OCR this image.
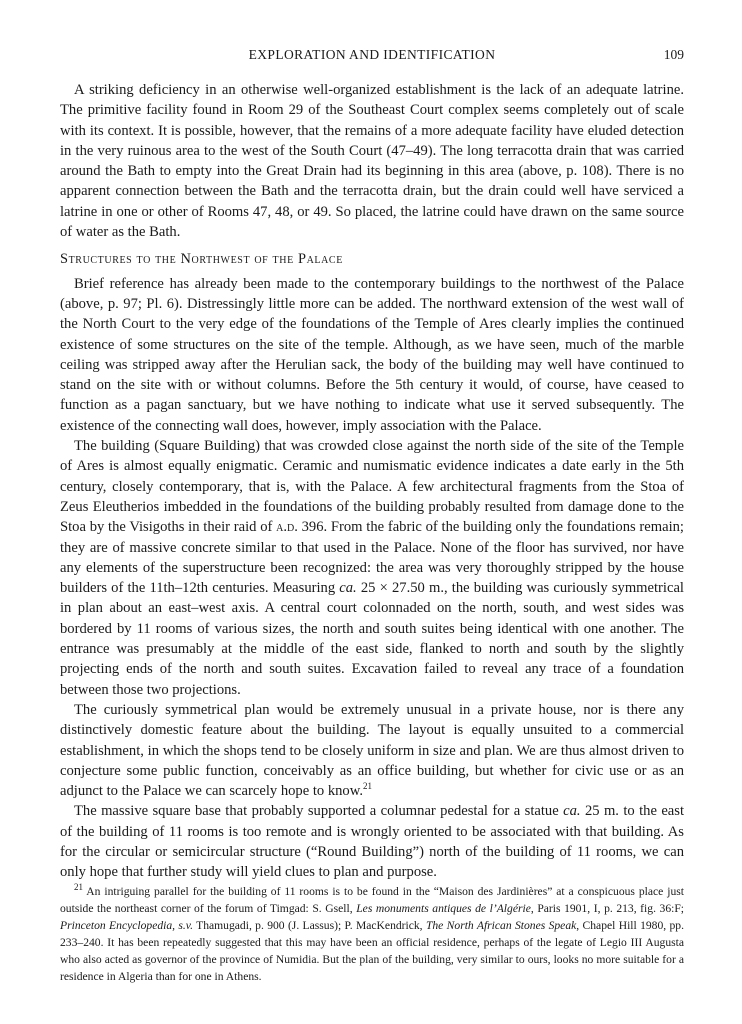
EXPLORATION AND IDENTIFICATION	109

A striking deficiency in an otherwise well-organized establishment is the lack of an adequate latrine. The primitive facility found in Room 29 of the Southeast Court complex seems completely out of scale with its context. It is possible, however, that the remains of a more adequate facility have eluded detection in the very ruinous area to the west of the South Court (47–49). The long terracotta drain that was carried around the Bath to empty into the Great Drain had its beginning in this area (above, p. 108). There is no apparent connection between the Bath and the terracotta drain, but the drain could well have serviced a latrine in one or other of Rooms 47, 48, or 49. So placed, the latrine could have drawn on the same source of water as the Bath.

Structures to the Northwest of the Palace

Brief reference has already been made to the contemporary buildings to the northwest of the Palace (above, p. 97; Pl. 6). Distressingly little more can be added. The northward extension of the west wall of the North Court to the very edge of the foundations of the Temple of Ares clearly implies the continued existence of some structures on the site of the temple. Although, as we have seen, much of the marble ceiling was stripped away after the Herulian sack, the body of the building may well have continued to stand on the site with or without columns. Before the 5th century it would, of course, have ceased to function as a pagan sanctuary, but we have nothing to indicate what use it served subsequently. The existence of the connecting wall does, however, imply association with the Palace.

The building (Square Building) that was crowded close against the north side of the site of the Temple of Ares is almost equally enigmatic. Ceramic and numismatic evidence indicates a date early in the 5th century, closely contemporary, that is, with the Palace. A few architectural fragments from the Stoa of Zeus Eleutherios imbedded in the foundations of the building probably resulted from damage done to the Stoa by the Visigoths in their raid of a.d. 396. From the fabric of the building only the foundations remain; they are of massive concrete similar to that used in the Palace. None of the floor has survived, nor have any elements of the superstructure been recognized: the area was very thoroughly stripped by the house builders of the 11th–12th centuries. Measuring ca. 25 × 27.50 m., the building was curiously symmetrical in plan about an east–west axis. A central court colonnaded on the north, south, and west sides was bordered by 11 rooms of various sizes, the north and south suites being identical with one another. The entrance was presumably at the middle of the east side, flanked to north and south by the slightly projecting ends of the north and south suites. Excavation failed to reveal any trace of a foundation between those two projections.

The curiously symmetrical plan would be extremely unusual in a private house, nor is there any distinctively domestic feature about the building. The layout is equally unsuited to a commercial establishment, in which the shops tend to be closely uniform in size and plan. We are thus almost driven to conjecture some public function, conceivably as an office building, but whether for civic use or as an adjunct to the Palace we can scarcely hope to know.$^{21}$

The massive square base that probably supported a columnar pedestal for a statue ca. 25 m. to the east of the building of 11 rooms is too remote and is wrongly oriented to be associated with that building. As for the circular or semicircular structure (“Round Building”) north of the building of 11 rooms, we can only hope that further study will yield clues to plan and purpose.

$^{21}$ An intriguing parallel for the building of 11 rooms is to be found in the “Maison des Jardinières” at a conspicuous place just outside the northeast corner of the forum of Timgad: S. Gsell, Les monuments antiques de l’Algérie, Paris 1901, I, p. 213, fig. 36:F; Princeton Encyclopedia, s.v. Thamugadi, p. 900 (J. Lassus); P. MacKendrick, The North African Stones Speak, Chapel Hill 1980, pp. 233–240. It has been repeatedly suggested that this may have been an official residence, perhaps of the legate of Legio III Augusta who also acted as governor of the province of Numidia. But the plan of the building, very similar to ours, looks no more suitable for a residence in Algeria than for one in Athens.
